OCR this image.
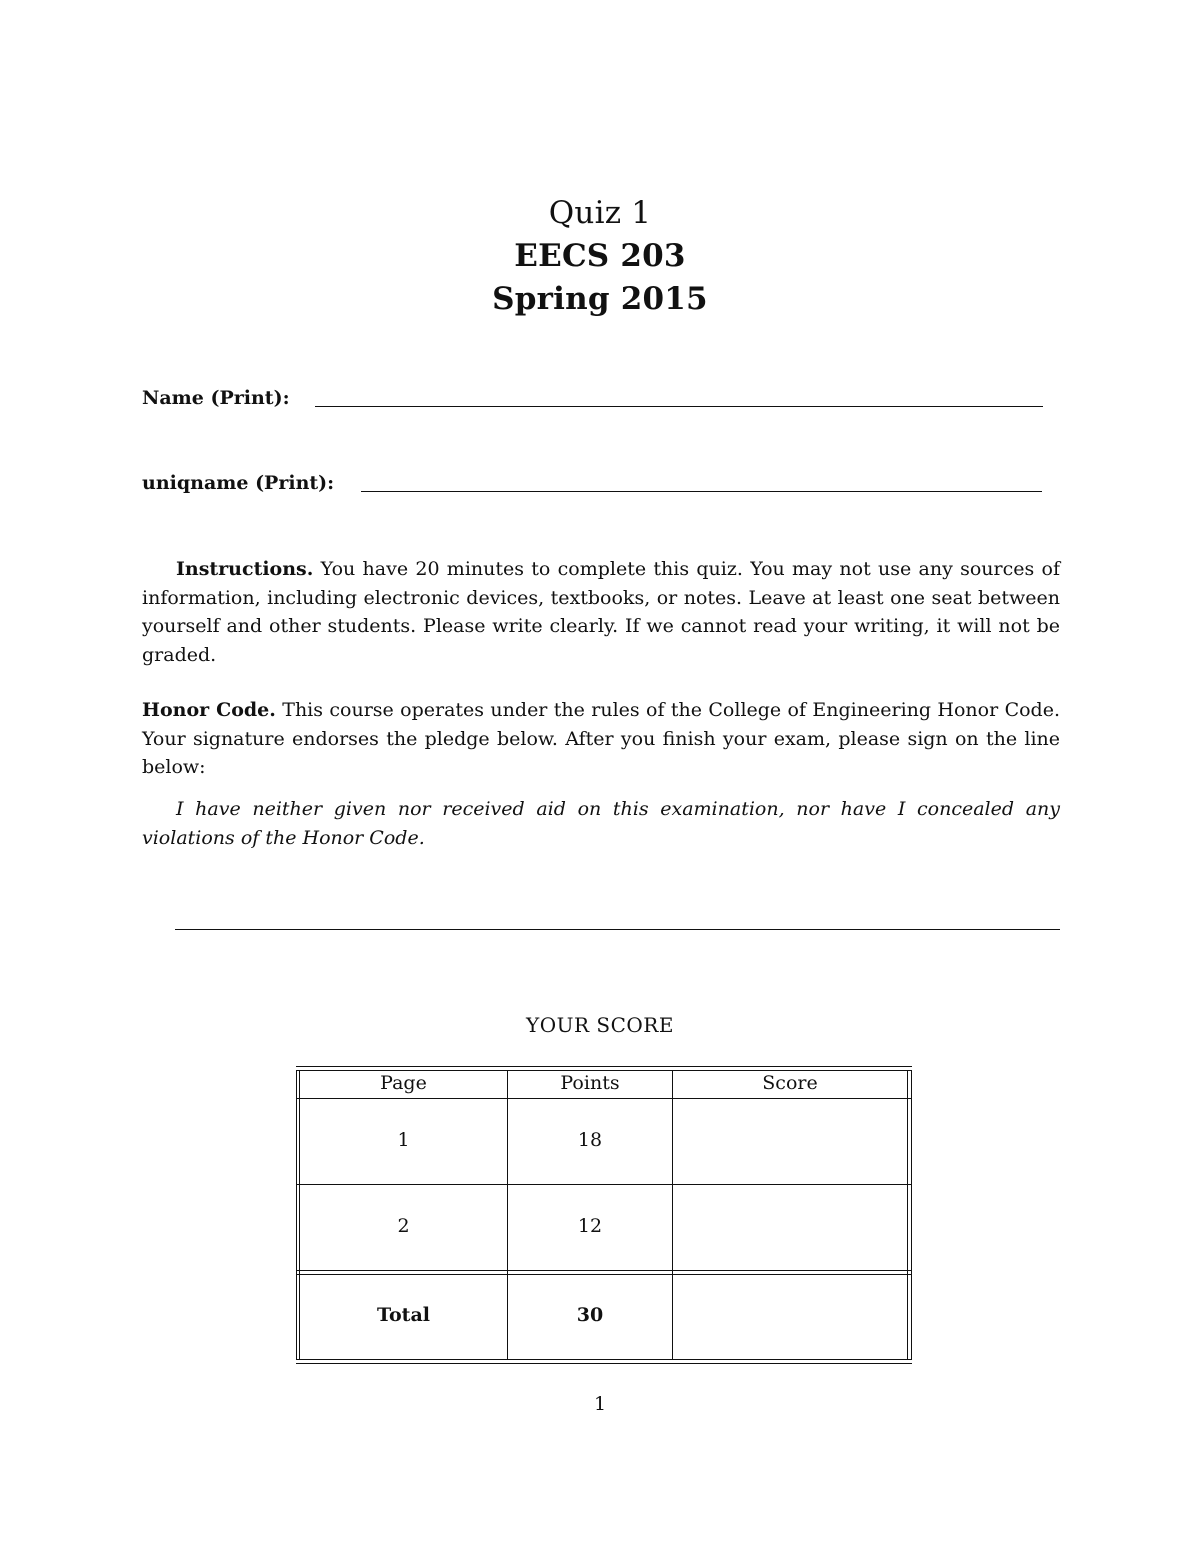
Quiz 1
EECS 203
Spring 2015
Name (Print):
uniqname (Print):
Instructions. You have 20 minutes to complete this quiz. You may not use any sources of information, including electronic devices, textbooks, or notes. Leave at least one seat between yourself and other students. Please write clearly. If we cannot read your writing, it will not be graded.
Honor Code. This course operates under the rules of the College of Engineering Honor Code. Your signature endorses the pledge below. After you finish your exam, please sign on the line below:
I have neither given nor received aid on this examination, nor have I concealed any violations of the Honor Code.
YOUR SCORE
Page	Points	Score
1	18
2	12
Total	30
1
